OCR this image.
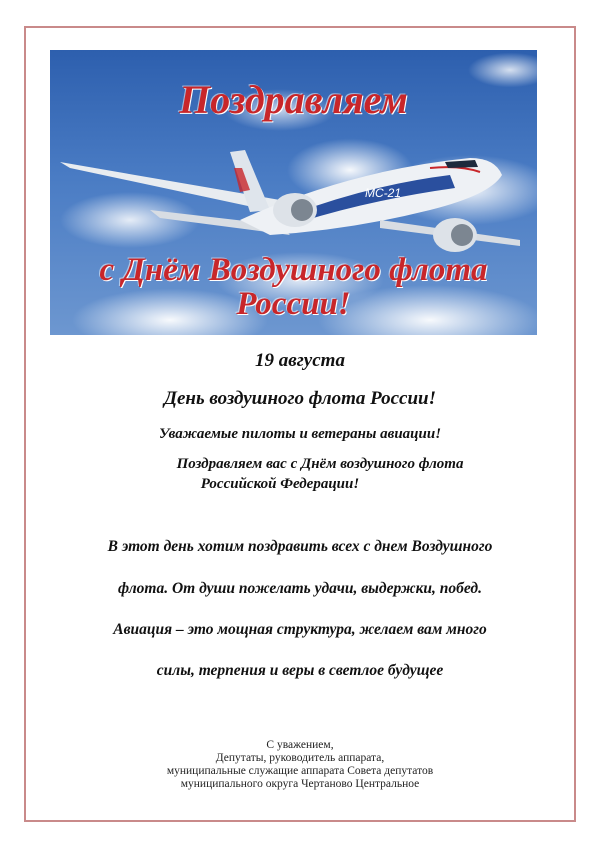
МС-21
Поздравляем
с Днём Воздушного флота
России!
19 августа
День воздушного флота России!
Уважаемые пилоты и ветераны авиации!
Поздравляем вас с Днём воздушного флота
Российской Федерации!
В этот день хотим поздравить всех с днем Воздушного
флота. От души пожелать удачи, выдержки, побед.
Авиация – это мощная структура, желаем вам много
силы, терпения и веры в светлое будущее
С уважением,
Депутаты, руководитель аппарата,
муниципальные служащие аппарата Совета депутатов
муниципального округа Чертаново Центральное
